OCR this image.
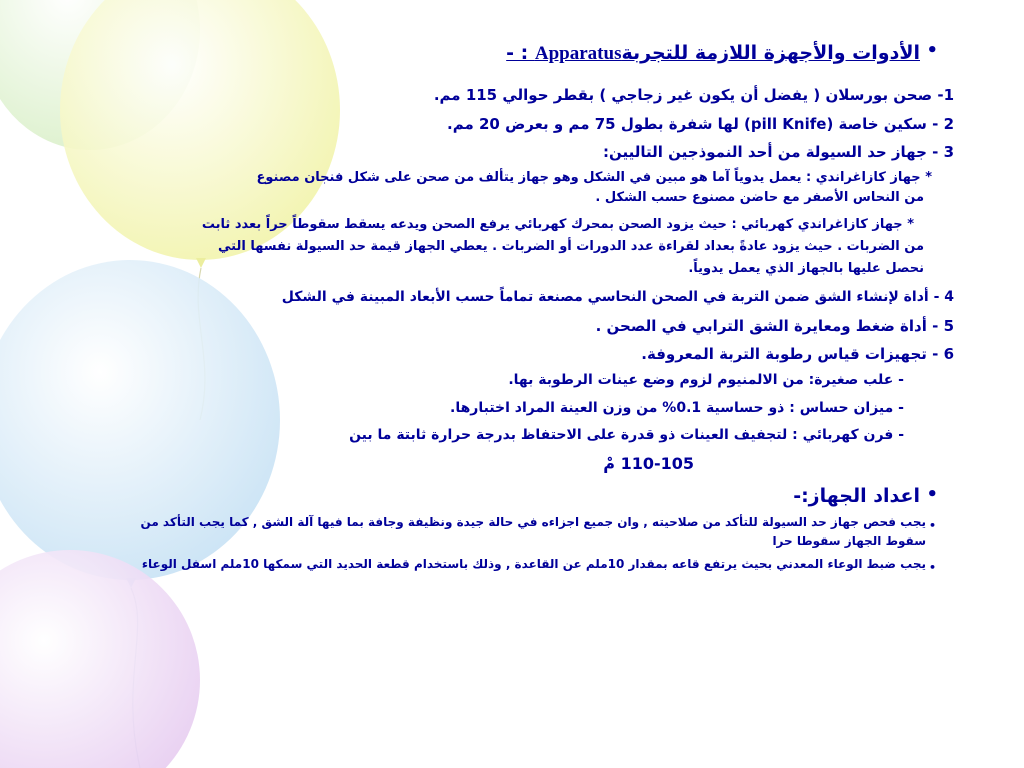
•
الأدوات والأجهزة اللازمة للتجربةApparatus : -
1- صحن بورسلان ( يفضل أن يكون غير زجاجي ) بقطر حوالي 115 مم.
2 - سكين خاصة (pill Knife) لها شفرة بطول 75 مم و بعرض 20 مم.
3 - جهاز حد السيولة من أحد النموذجين التاليين:
* جهاز كازاغراندي : يعمل يدوياً آما هو مبين في الشكل وهو جهاز يتألف من صحن على شكل فنجان مصنوع
من النحاس الأصفر مع حاضن مصنوع حسب الشكل .
* جهاز كازاغراندي كهربائي : حيث يزود الصحن بمحرك كهربائي يرفع الصحن ويدعه يسقط سقوطاً حراً بعدد ثابت
من الضربات . حيث يزود عادةً بعداد لقراءة عدد الدورات أو الضربات . يعطي الجهاز قيمة حد السيولة نفسها التي
نحصل عليها بالجهاز الذي يعمل يدوياً.
4 - أداة لإنشاء الشق ضمن التربة في الصحن النحاسي مصنعة تماماً حسب الأبعاد المبينة في الشكل
5 - أداة ضغط ومعايرة الشق الترابي في الصحن .
6 - تجهيزات قياس رطوبة التربة المعروفة.
- علب صغيرة: من الالمنيوم لزوم وضع عينات الرطوبة بها.
- ميزان حساس : ذو حساسية 0.1% من وزن العينة المراد اختبارها.
- فرن كهربائي : لتجفيف العينات ذو قدرة على الاحتفاظ بدرجة حرارة ثابتة ما بين
110-105 مْ
•
اعداد الجهاز:-
•
يجب فحص جهاز حد السيولة للتأكد من صلاحيته , وان جميع اجزاءه في حالة جيدة ونظيفة وجافة بما فيها آلة الشق , كما يجب التأكد من
سقوط الجهاز سقوطا حرا
•
يجب ضبط الوعاء المعدني بحيث يرتفع قاعه بمقدار 10ملم عن القاعدة , وذلك باستخدام قطعة الحديد التي سمكها 10ملم اسفل الوعاء
